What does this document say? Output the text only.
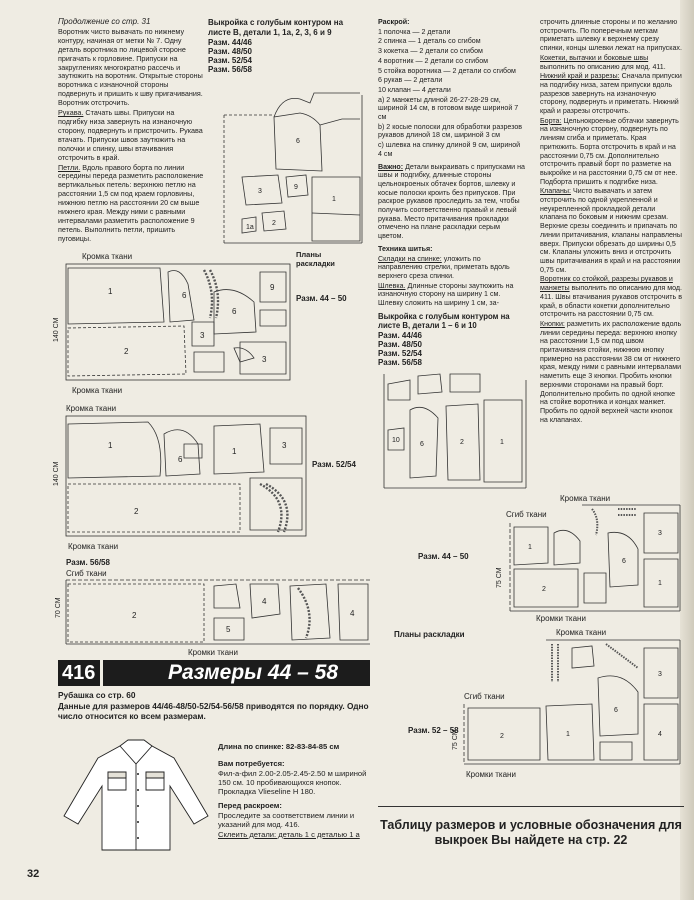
Продолжение со стр. 31

Воротник чисто вывачать по нижнему контуру, начиная от метки № 7. Одну деталь воротника по лицевой стороне пригачать к горловине. Припуски на закруглениях многократно рассечь и заутюжить на воротник. Открытые стороны воротника с изнаночной стороны подвернуть и пришить к шву пригачивания. Воротник отстрочить.

Рукава. Стачать швы. Припуски на подгибку низа завернуть на изнаночную сторону, подвернуть и пристрочить. Рукава втачать. Припуски швов заутюжить на полочки и спинку, швы втачивания отстрочить в край.

Петли. Вдоль правого борта по линии середины переда разметить расположение вертикальных петель: верхнюю петлю на расстоянии 1,5 см под краем горловины, нижнюю петлю на расстоянии 20 см выше нижнего края. Между ними с равными интервалами разметить расположение 9 петель. Выполнить петли, пришить пуговицы.

Выкройка с голубым контуром на листе В, детали 1, 1а, 2, 3, 6 и 9

Разм. 44/46
Разм. 48/50
Разм. 52/54
Разм. 56/58
6
3
9
1
2
1а
Кромка ткани	Планы раскладки
Разм. 44 – 50
140 СМ
1
2
6
6
3
9
3
Кромка ткани
Кромка ткани
Разм. 52/54
140 СМ
1
2
6
1
3
Кромка ткани
Разм. 56/58
Сгиб ткани
70 СМ	2
4
4
5
Кромки ткани
416	Размеры 44 – 58

Рубашка со стр. 60

Данные для размеров 44/46-48/50-52/54-56/58 приводятся по порядку. Одно число относится ко всем размерам.

Длина по спинке: 82-83-84-85 см

Вам потребуется:

Фил-а-фил 2.00-2.05-2.45-2.50 м шириной 150 см. 10 пробивающихся кнопок. Прокладка Vlieseline H 180.

Перед раскроем:

Проследите за соответствием линии и указаний для мод. 416.

Склеить детали: деталь 1 с деталью 1 а

Раскрой:

1 полочка — 2 детали

2 спинка — 1 деталь со сгибом

3 кокетка — 2 детали со сгибом

4 воротник — 2 детали со сгибом

5 стойка воротника — 2 детали со сгибом

6 рукав — 2 детали

10 клапан — 4 детали

а) 2 манжеты длиной 26-27-28-29 см, шириной 14 см, в готовом виде шириной 7 см

b) 2 косые полоски для обработки разрезов рукавов длиной 18 см, шириной 3 см

c) шлевка на спинку длиной 9 см, шириной 4 см

Важно: Детали выкраивать с припусками на швы и подгибку, длинные стороны цельнокроеных обтачек бортов, шлевку и косые полоски кроить без припусков. При раскрое рукавов проследить за тем, чтобы получить соответственно правый и левый рукава. Место притачивания прокладки отмечено на плане раскладки серым цветом.

Техника шитья:

Складки на спинке: уложить по направлению стрелки, приметать вдоль верхнего среза спинки.

Шлевка. Длинные стороны заутюжить на изнаночную сторону на ширину 1 см. Шлевку сложить на ширину 1 см, за-

Выкройка с голубым контуром на листе В, детали 1 – 6 и 10

Разм. 44/46
Разм. 48/50
Разм. 52/54
Разм. 56/58
6	2	1
10

строчить длинные стороны и по желанию отстрочить. По поперечным меткам приметать шлевку к верхнему срезу спинки, концы шлевки лежат на припусках.

Кокетки, вытачки и боковые швы выполнить по описанию для мод. 411.

Нижний край и разрезы: Сначала припуски на подгибку низа, затем припуски вдоль разрезов завернуть на изнаночную сторону, подвернуть и приметать. Нижний край и разрезы отстрочить.

Борта: Цельнокроеные обтачки завернуть на изнаночную сторону, подвернуть по линиям сгиба и приметать. Края притюжить. Борта отстрочить в край и на расстоянии 0,75 см. Дополнительно отстрочить правый борт по разметке на выкройке и на расстоянии 0,75 см от нее. Подборта пришить к подгибке низа.

Клапаны: Чисто вывачать и затем отстрочить по одной укрепленной и неукрепленной прокладкой детали клапана по боковым и нижним срезам. Верхние срезы соединить и припачать по линии притачивания, клапаны направлены вверх. Припуски обрезать до ширины 0,5 см. Клапаны уложить вниз и отстрочить швы притачивания в край и на расстоянии 0,75 см.

Воротник со стойкой, разрезы рукавов и манжеты выполнить по описанию для мод. 411. Швы втачивания рукавов отстрочить в край, в области кокетки дополнительно отстрочить на расстоянии 0,75 см.

Кнопки: разметить их расположение вдоль линии середины переда: верхнюю кнопку на расстоянии 1,5 см под швом притачивания стойки, нижнюю кнопку примерно на расстоянии 38 см от нижнего края, между ними с равными интервалами наметить еще 3 кнопки. Пробить кнопки верхними сторонами на правый борт. Дополнительно пробить по одной кнопке на стойке воротника и концах манжет. Пробить по одной верхней части кнопок на клапанах.

Кромка ткани
Сгиб ткани
Разм. 44 – 50
75 СМ
1
2
6
3
1
Кромки ткани
Планы раскладки	Кромка ткани
Сгиб ткани
Разм. 52 – 58
75 СМ	2	1
6
3
4
Кромки ткани
Таблицу размеров и условные обозначения для выкроек Вы найдете на стр. 22
32
